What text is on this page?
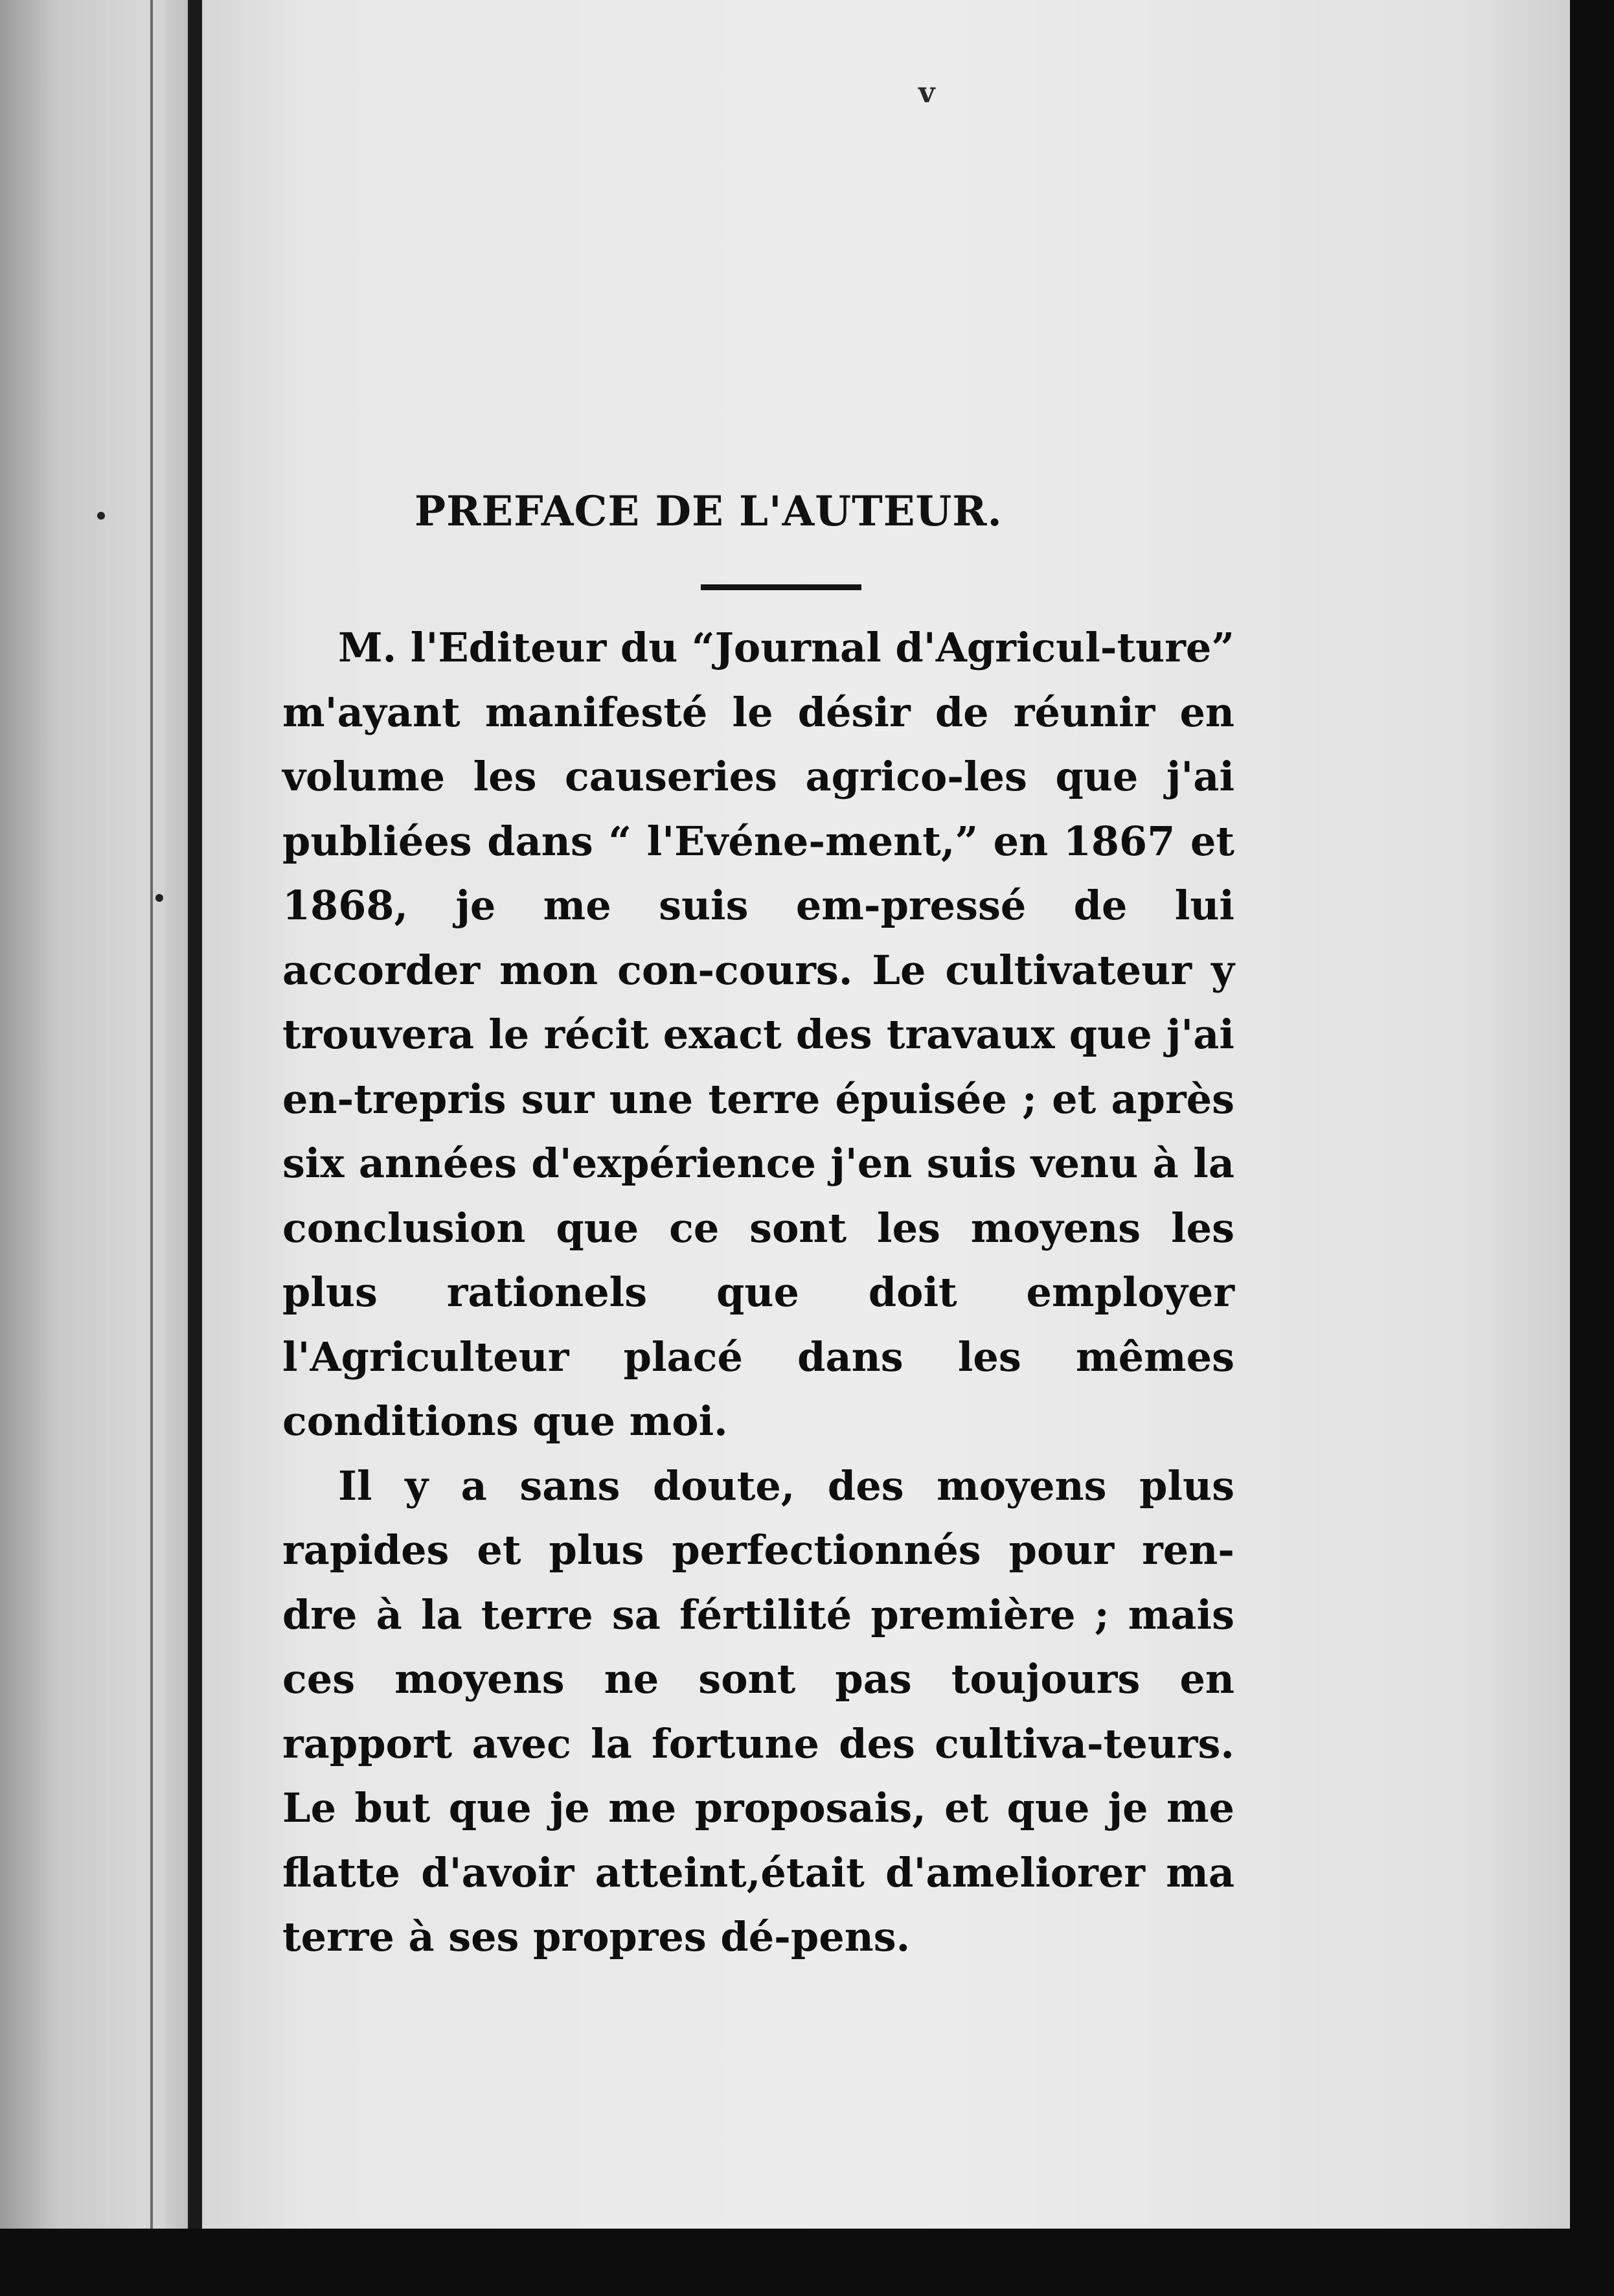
v
PREFACE DE L'AUTEUR.

M. l'Editeur du “Journal d'Agricul-ture” m'ayant manifesté le désir de réunir en volume les causeries agrico-les que j'ai publiées dans “ l'Evéne-ment,” en 1867 et 1868, je me suis em-pressé de lui accorder mon con-cours. Le cultivateur y trouvera le récit exact des travaux que j'ai en-trepris sur une terre épuisée ; et après six années d'expérience j'en suis venu à la conclusion que ce sont les moyens les plus rationels que doit employer l'Agriculteur placé dans les mêmes conditions que moi.

Il y a sans doute, des moyens plus rapides et plus perfectionnés pour ren-dre à la terre sa fértilité première ; mais ces moyens ne sont pas toujours en rapport avec la fortune des cultiva-teurs. Le but que je me proposais, et que je me flatte d'avoir atteint,était d'ameliorer ma terre à ses propres dé-pens.
